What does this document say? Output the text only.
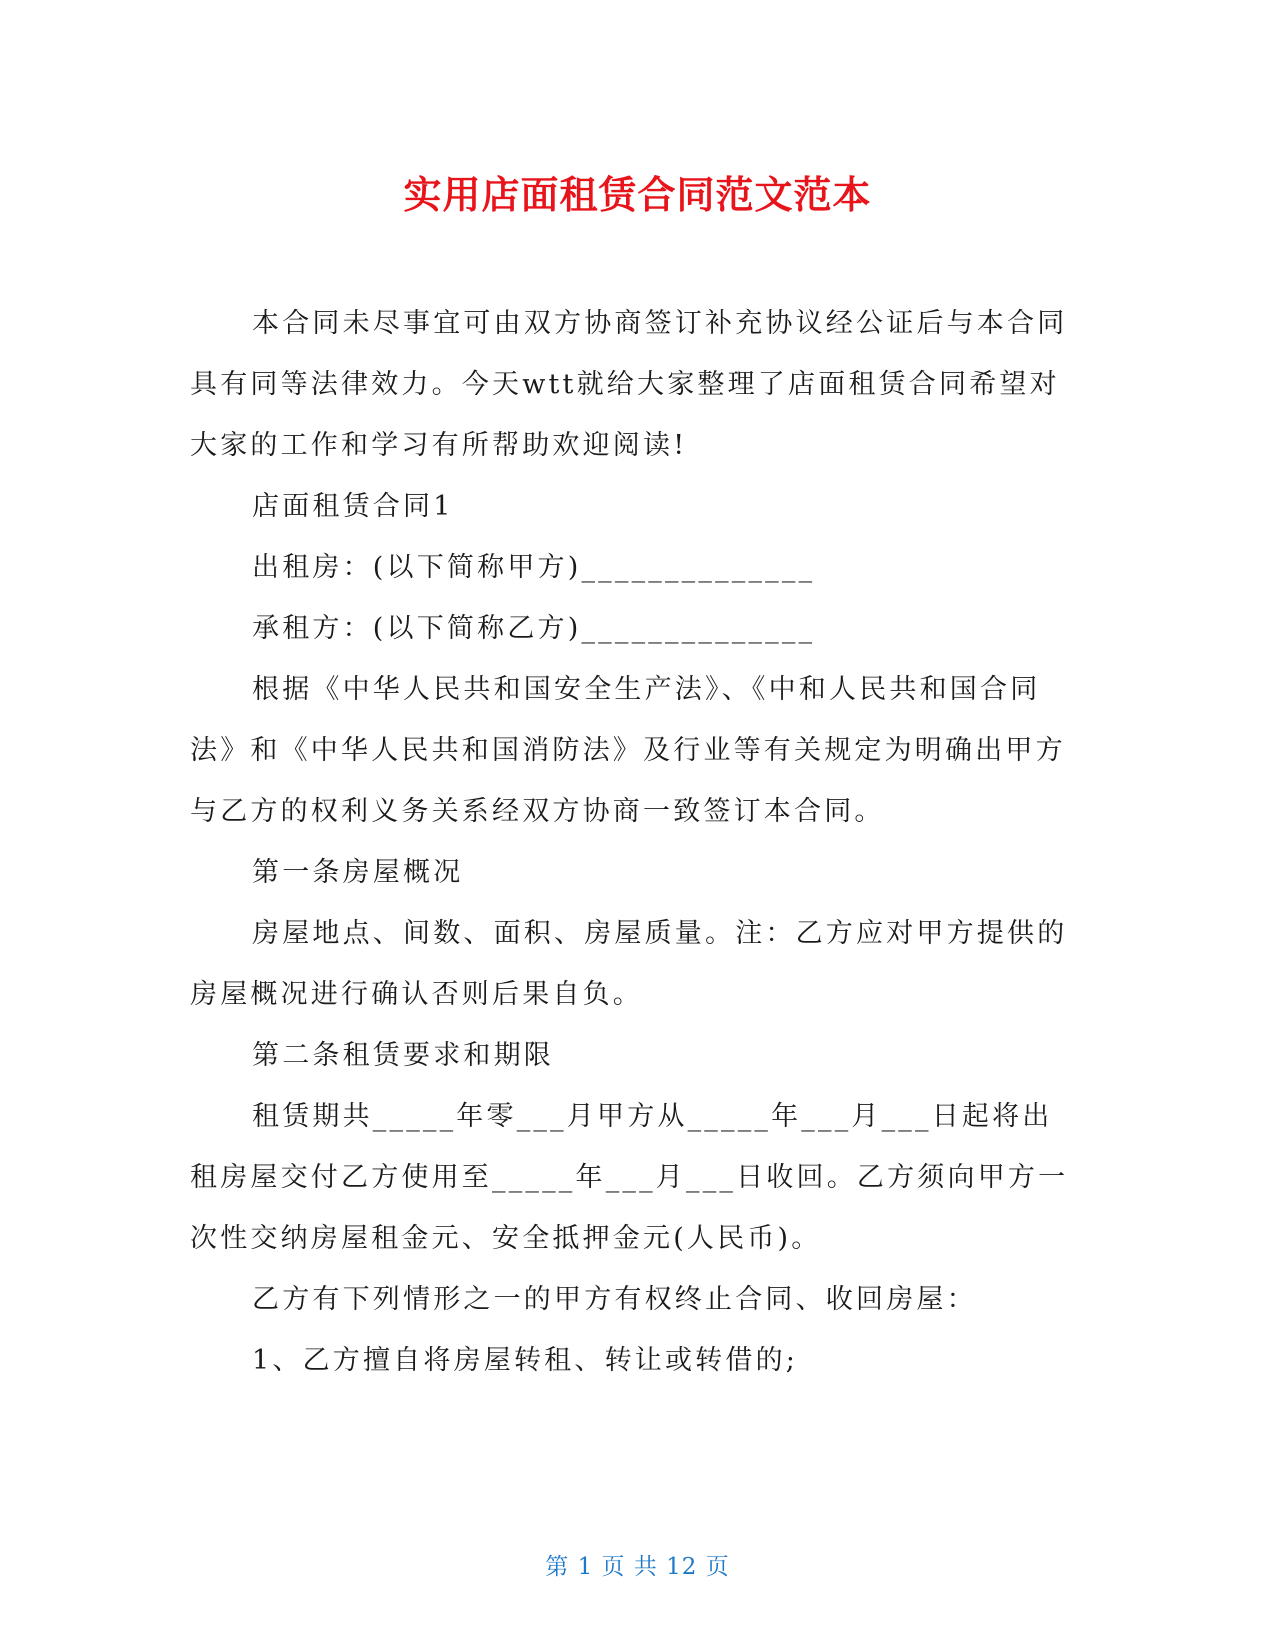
实用店面租赁合同范文范本

本合同未尽事宜可由双方协商签订补充协议经公证后与本合同具有同等法律效力。今天wtt就给大家整理了店面租赁合同希望对大家的工作和学习有所帮助欢迎阅读!

店面租赁合同1

出租房：(以下简称甲方)______________

承租方：(以下简称乙方)______________

根据《中华人民共和国安全生产法》、《中和人民共和国合同法》和《中华人民共和国消防法》及行业等有关规定为明确出甲方与乙方的权利义务关系经双方协商一致签订本合同。

第一条房屋概况

房屋地点、间数、面积、房屋质量。注：乙方应对甲方提供的房屋概况进行确认否则后果自负。

第二条租赁要求和期限

租赁期共_____年零___月甲方从_____年___月___日起将出租房屋交付乙方使用至_____年___月___日收回。乙方须向甲方一次性交纳房屋租金元、安全抵押金元(人民币)。

乙方有下列情形之一的甲方有权终止合同、收回房屋：

1、乙方擅自将房屋转租、转让或转借的;

第 1 页 共 12 页
